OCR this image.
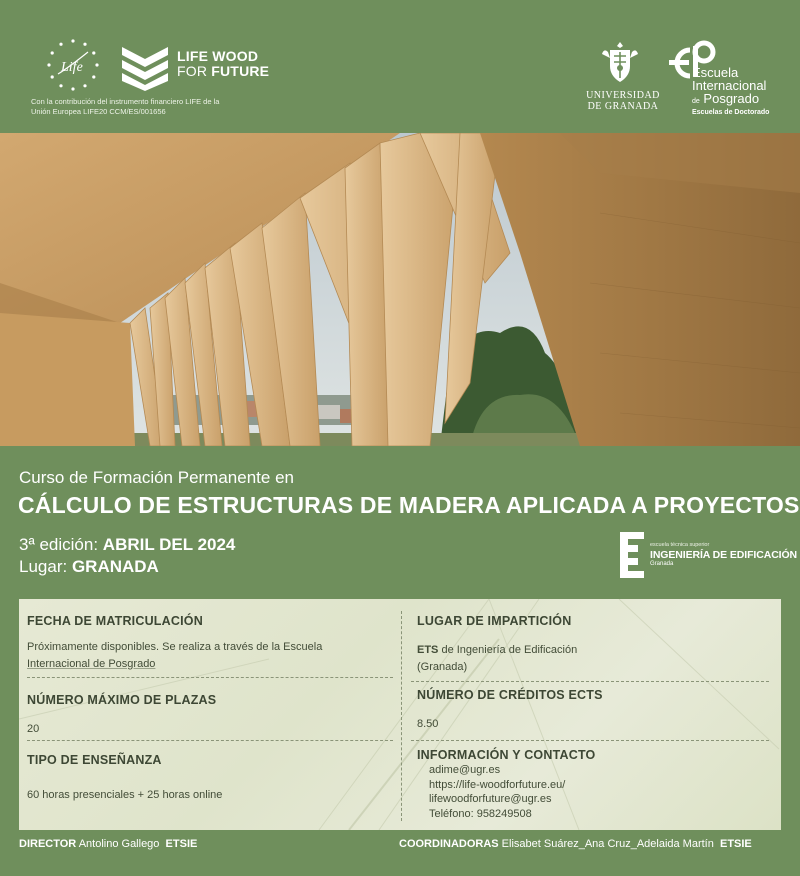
Life
LIFE WOOD
FOR FUTURE
Con la contribución del instrumento financiero LIFE de la
Unión Europea LIFE20 CCM/ES/001656
UNIVERSIDAD
DE GRANADA
Escuela
Internacional
de Posgrado
Escuelas de Doctorado
Curso de Formación Permanente en
CÁLCULO DE ESTRUCTURAS DE MADERA APLICADA A PROYECTOS
3ª edición: ABRIL DEL 2024
Lugar: GRANADA
escuela técnica superior
INGENIERÍA DE EDIFICACIÓN
Granada
FECHA DE MATRICULACIÓN
Próximamente disponibles. Se realiza a través de la Escuela
Internacional de Posgrado
NÚMERO MÁXIMO DE PLAZAS
20
TIPO DE ENSEÑANZA
60 horas presenciales + 25 horas online
LUGAR DE IMPARTICIÓN
ETS de Ingeniería de Edificación
(Granada)
NÚMERO DE CRÉDITOS ECTS
8.50
INFORMACIÓN Y CONTACTO
adime@ugr.es
https://life-woodforfuture.eu/
lifewoodforfuture@ugr.es
Teléfono: 958249508
DIRECTOR Antolino Gallego ETSIE	COORDINADORAS Elisabet Suárez_Ana Cruz_Adelaida Martín ETSIE
